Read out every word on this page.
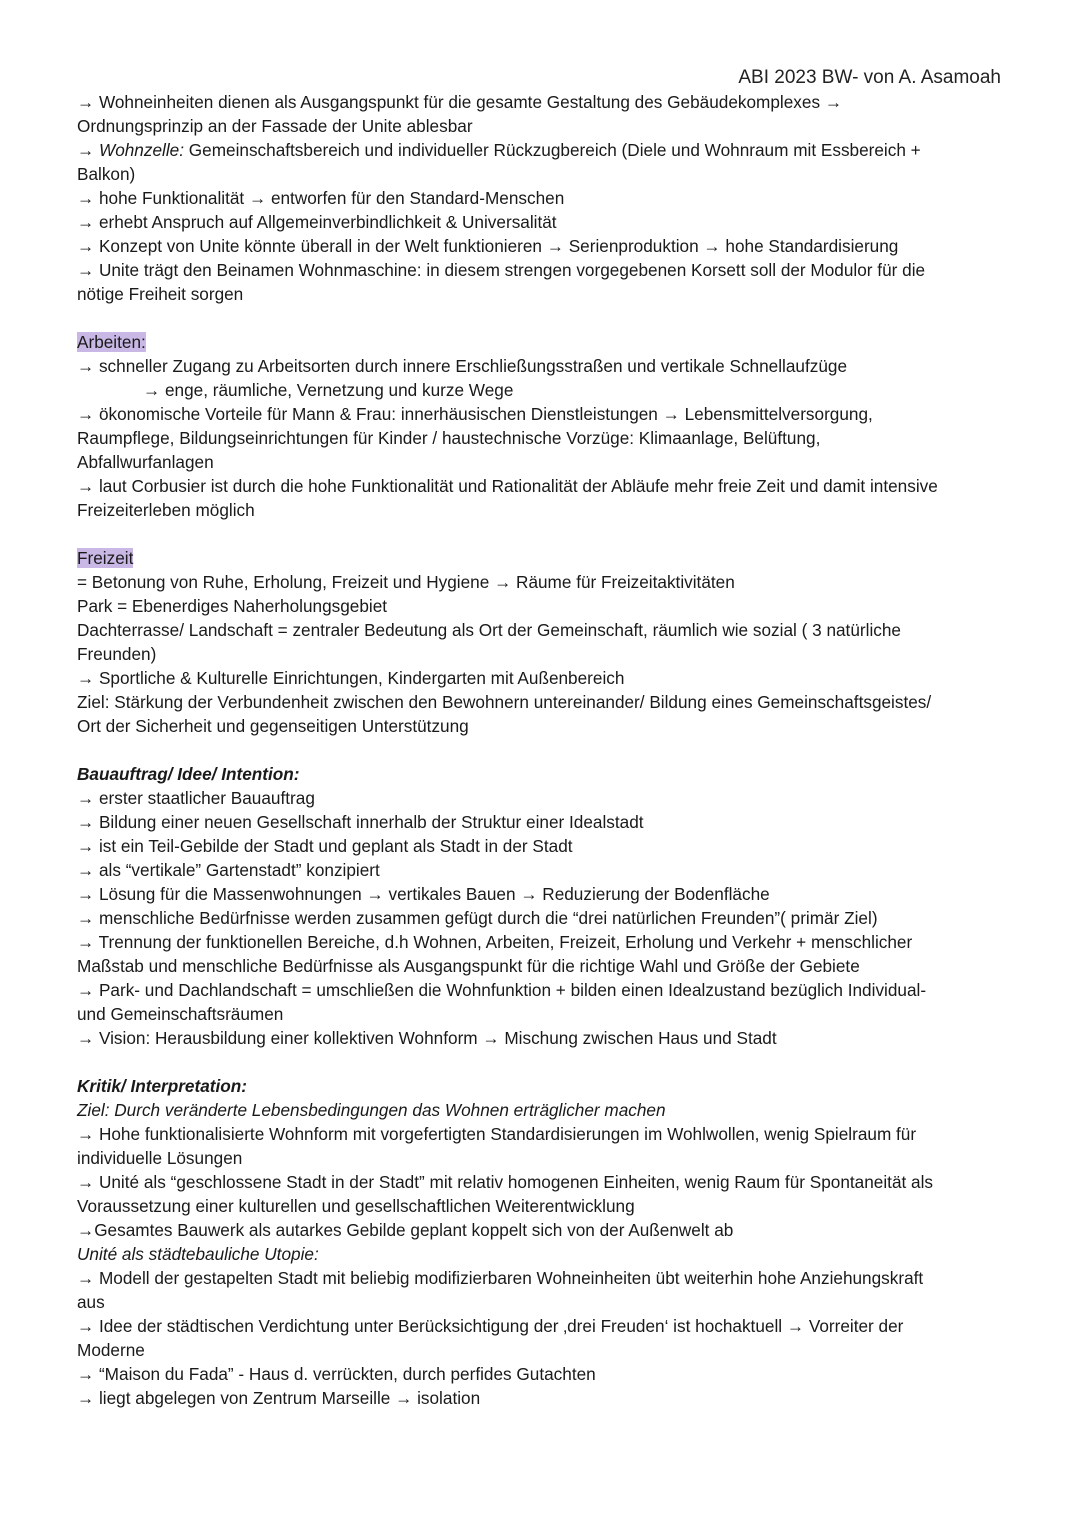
ABI 2023 BW- von A. Asamoah
→ Wohneinheiten dienen als Ausgangspunkt für die gesamte Gestaltung des Gebäudekomplexes →
Ordnungsprinzip an der Fassade der Unite ablesbar
→ Wohnzelle: Gemeinschaftsbereich und individueller Rückzugbereich (Diele und Wohnraum mit Essbereich +
Balkon)
→ hohe Funktionalität → entworfen für den Standard-Menschen
→ erhebt Anspruch auf Allgemeinverbindlichkeit & Universalität
→ Konzept von Unite könnte überall in der Welt funktionieren → Serienproduktion → hohe Standardisierung
→ Unite trägt den Beinamen Wohnmaschine: in diesem strengen vorgegebenen Korsett soll der Modulor für die
nötige Freiheit sorgen
Arbeiten:
→ schneller Zugang zu Arbeitsorten durch innere Erschließungsstraßen und vertikale Schnellaufzüge
→ enge, räumliche, Vernetzung und kurze Wege
→ ökonomische Vorteile für Mann & Frau: innerhäusischen Dienstleistungen → Lebensmittelversorgung,
Raumpflege, Bildungseinrichtungen für Kinder / haustechnische Vorzüge: Klimaanlage, Belüftung,
Abfallwurfanlagen
→ laut Corbusier ist durch die hohe Funktionalität und Rationalität der Abläufe mehr freie Zeit und damit intensive
Freizeiterleben möglich
Freizeit
= Betonung von Ruhe, Erholung, Freizeit und Hygiene → Räume für Freizeitaktivitäten
Park = Ebenerdiges Naherholungsgebiet
Dachterrasse/ Landschaft = zentraler Bedeutung als Ort der Gemeinschaft, räumlich wie sozial ( 3 natürliche
Freunden)
→ Sportliche & Kulturelle Einrichtungen, Kindergarten mit Außenbereich
Ziel: Stärkung der Verbundenheit zwischen den Bewohnern untereinander/ Bildung eines Gemeinschaftsgeistes/
Ort der Sicherheit und gegenseitigen Unterstützung
Bauauftrag/ Idee/ Intention:
→ erster staatlicher Bauauftrag
→ Bildung einer neuen Gesellschaft innerhalb der Struktur einer Idealstadt
→ ist ein Teil-Gebilde der Stadt und geplant als Stadt in der Stadt
→ als “vertikale” Gartenstadt” konzipiert
→ Lösung für die Massenwohnungen → vertikales Bauen → Reduzierung der Bodenfläche
→ menschliche Bedürfnisse werden zusammen gefügt durch die “drei natürlichen Freunden”( primär Ziel)
→ Trennung der funktionellen Bereiche, d.h Wohnen, Arbeiten, Freizeit, Erholung und Verkehr + menschlicher
Maßstab und menschliche Bedürfnisse als Ausgangspunkt für die richtige Wahl und Größe der Gebiete
→ Park- und Dachlandschaft = umschließen die Wohnfunktion + bilden einen Idealzustand bezüglich Individual-
und Gemeinschaftsräumen
→ Vision: Herausbildung einer kollektiven Wohnform → Mischung zwischen Haus und Stadt
Kritik/ Interpretation:
Ziel: Durch veränderte Lebensbedingungen das Wohnen erträglicher machen
→ Hohe funktionalisierte Wohnform mit vorgefertigten Standardisierungen im Wohlwollen, wenig Spielraum für
individuelle Lösungen
→ Unité als “geschlossene Stadt in der Stadt” mit relativ homogenen Einheiten, wenig Raum für Spontaneität als
Voraussetzung einer kulturellen und gesellschaftlichen Weiterentwicklung
→Gesamtes Bauwerk als autarkes Gebilde geplant koppelt sich von der Außenwelt ab
Unité als städtebauliche Utopie:
→ Modell der gestapelten Stadt mit beliebig modifizierbaren Wohneinheiten übt weiterhin hohe Anziehungskraft
aus
→ Idee der städtischen Verdichtung unter Berücksichtigung der ‚drei Freuden‘ ist hochaktuell → Vorreiter der
Moderne
→ “Maison du Fada” - Haus d. verrückten, durch perfides Gutachten
→ liegt abgelegen von Zentrum Marseille → isolation
